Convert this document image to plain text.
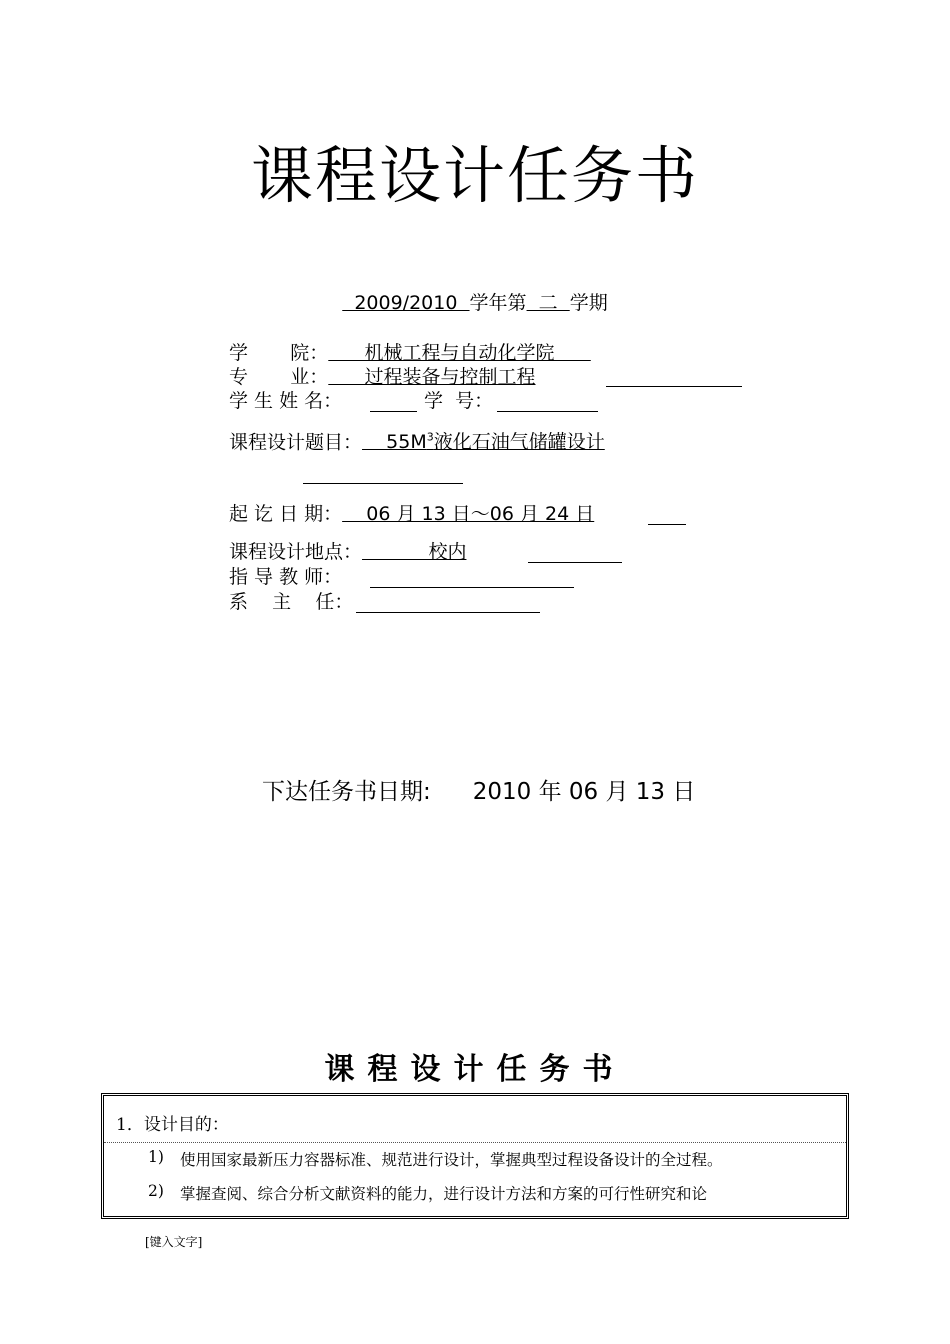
课程设计任务书
2009/2010  学年第  二  学期
学       院：      机械工程与自动化学院
专       业：      过程装备与控制工程
学 生 姓 名：	学  号：
课程设计题目：    $55M^3$液化石油气储罐设计
起 讫 日 期：    06 月 13 日～06 月 24 日
课程设计地点：           校内
指 导 教 师：
系    主    任：
下达任务书日期: 2010 年 06 月 13 日
课程设计任务书
1．设计目的：
1) 使用国家最新压力容器标准、规范进行设计，掌握典型过程设备设计的全过程。
2) 掌握查阅、综合分析文献资料的能力，进行设计方法和方案的可行性研究和论
[键入文字]
